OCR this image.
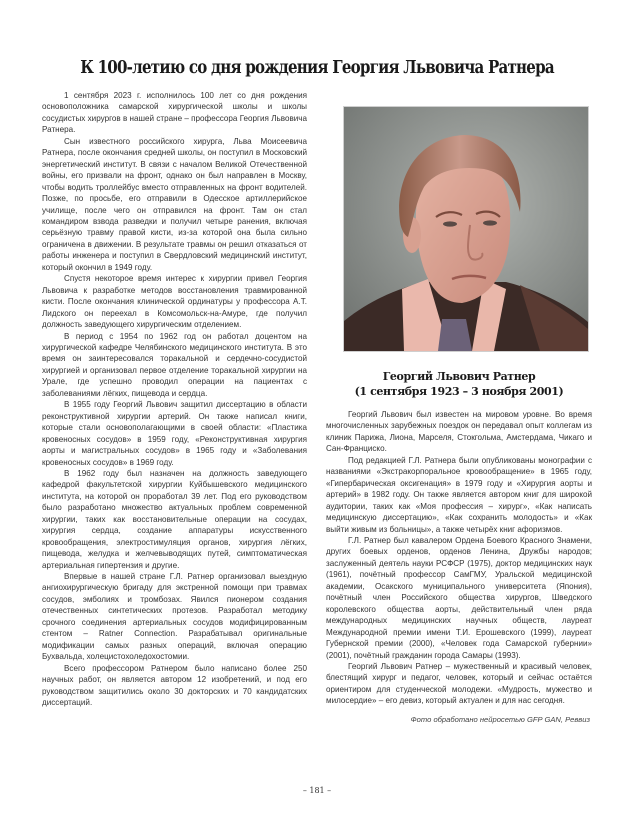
К 100-летию со дня рождения Георгия Львовича Ратнера

1 сентября 2023 г. исполнилось 100 лет со дня рождения основоположника самарской хирургической школы и школы сосудистых хирургов в нашей стране – профессора Георгия Львовича Ратнера.

Сын известного российского хирурга, Льва Моисеевича Ратнера, после окончания средней школы, он поступил в Московский энергетический институт. В связи с началом Великой Отечественной войны, его призвали на фронт, однако он был направлен в Москву, чтобы водить троллейбус вместо отправленных на фронт водителей. Позже, по просьбе, его отправили в Одесское артиллерийское училище, после чего он отправился на фронт. Там он стал командиром взвода разведки и получил четыре ранения, включая серьёзную травму правой кисти, из-за которой она была сильно ограничена в движении. В результате травмы он решил отказаться от работы инженера и поступил в Свердловский медицинский институт, который окончил в 1949 году.

Спустя некоторое время интерес к хирургии привел Георгия Львовича к разработке методов восстановления травмированной кисти. После окончания клинической ординатуры у профессора А.Т. Лидского он переехал в Комсомольск-на-Амуре, где получил должность заведующего хирургическим отделением.

В период с 1954 по 1962 год он работал доцентом на хирургической кафедре Челябинского медицинского института. В это время он заинтересовался торакальной и сердечно-сосудистой хирургией и организовал первое отделение торакальной хирургии на Урале, где успешно проводил операции на пациентах с заболеваниями лёгких, пищевода и сердца.

В 1955 году Георгий Львович защитил диссертацию в области реконструктивной хирургии артерий. Он также написал книги, которые стали основополагающими в своей области: «Пластика кровеносных сосудов» в 1959 году, «Реконструктивная хирургия аорты и магистральных сосудов» в 1965 году и «Заболевания кровеносных сосудов» в 1969 году.

В 1962 году был назначен на должность заведующего кафедрой факультетской хирургии Куйбышевского медицинского института, на которой он проработал 39 лет. Под его руководством было разработано множество актуальных проблем современной хирургии, таких как восстановительные операции на сосудах, хирургия сердца, создание аппаратуры искусственного кровообращения, электростимуляция органов, хирургия лёгких, пищевода, желудка и желчевыводящих путей, симптоматическая артериальная гипертензия и другие.

Впервые в нашей стране Г.Л. Ратнер организовал выездную ангиохирургическую бригаду для экстренной помощи при травмах сосудов, эмболиях и тромбозах. Явился пионером создания отечественных синтетических протезов. Разработал методику срочного соединения артериальных сосудов модифицированным стентом – Ratner Connection. Разрабатывал оригинальные модификации самых разных операций, включая операцию Бухвальда, холецистохоледохостомии.

Всего профессором Ратнером было написано более 250 научных работ, он является автором 12 изобретений, и под его руководством защитились около 30 докторских и 70 кандидатских диссертаций.

Георгий Львович Ратнер
(1 сентября 1923 – 3 ноября 2001)

Георгий Львович был известен на мировом уровне. Во время многочисленных зарубежных поездок он передавал опыт коллегам из клиник Парижа, Лиона, Марселя, Стокгольма, Амстердама, Чикаго и Сан-Франциско.

Под редакцией Г.Л. Ратнера были опубликованы монографии с названиями «Экстракорпоральное кровообращение» в 1965 году, «Гипербарическая оксигенация» в 1979 году и «Хирургия аорты и артерий» в 1982 году. Он также является автором книг для широкой аудитории, таких как «Моя профессия – хирург», «Как написать медицинскую диссертацию», «Как сохранить молодость» и «Как выйти живым из больницы», а также четырёх книг афоризмов.

Г.Л. Ратнер был кавалером Ордена Боевого Красного Знамени, других боевых орденов, орденов Ленина, Дружбы народов; заслуженный деятель науки РСФСР (1975), доктор медицинских наук (1961), почётный профессор СамГМУ, Уральской медицинской академии, Осакского муниципального университета (Япония), почётный член Российского общества хирургов, Шведского королевского общества аорты, действительный член ряда международных медицинских научных обществ, лауреат Международной премии имени Т.И. Ерошевского (1999), лауреат Губернской премии (2000), «Человек года Самарской губернии» (2001), почётный гражданин города Самары (1993).

Георгий Львович Ратнер – мужественный и красивый человек, блестящий хирург и педагог, человек, который и сейчас остаётся ориентиром для студенческой молодежи. «Мудрость, мужество и милосердие» – его девиз, который актуален и для нас сегодня.

Фото обработано нейросетью GFP GAN, Реввиз
– 181 –
